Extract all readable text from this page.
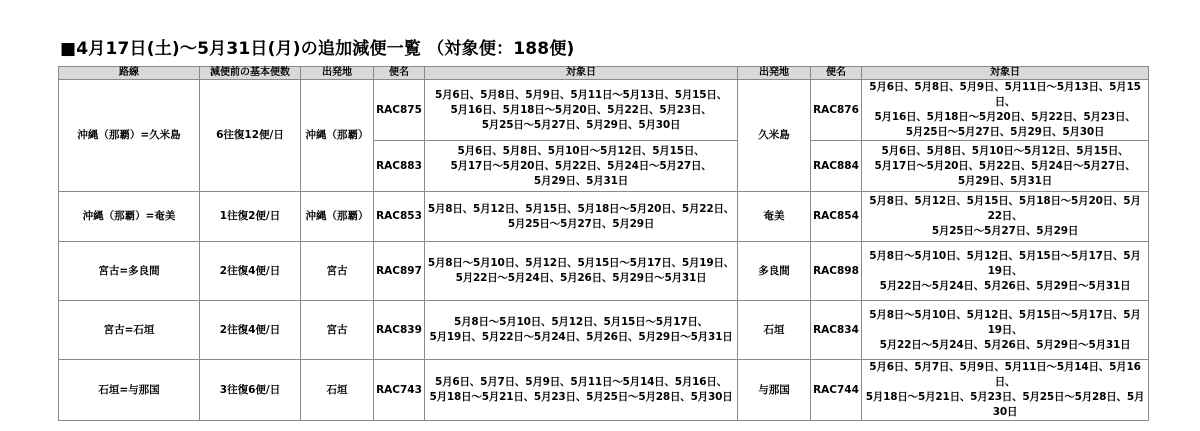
■4月17日(土)～5月31日(月)の追加減便一覧 （対象便：188便)
路線	減便前の基本便数	出発地	便名	対象日	出発地	便名	対象日
沖縄（那覇）=久米島	6往復12便/日	沖縄（那覇）	RAC875	5月6日、5月8日、5月9日、5月11日～5月13日、5月15日、
5月16日、5月18日～5月20日、5月22日、5月23日、
5月25日～5月27日、5月29日、5月30日	久米島	RAC876	5月6日、5月8日、5月9日、5月11日～5月13日、5月15日、
5月16日、5月18日～5月20日、5月22日、5月23日、
5月25日～5月27日、5月29日、5月30日
			RAC883	5月6日、5月8日、5月10日～5月12日、5月15日、
5月17日～5月20日、5月22日、5月24日～5月27日、
5月29日、5月31日		RAC884	5月6日、5月8日、5月10日～5月12日、5月15日、
5月17日～5月20日、5月22日、5月24日～5月27日、
5月29日、5月31日
沖縄（那覇）=奄美	1往復2便/日	沖縄（那覇）	RAC853	5月8日、5月12日、5月15日、5月18日～5月20日、5月22日、
5月25日～5月27日、5月29日	奄美	RAC854	5月8日、5月12日、5月15日、5月18日～5月20日、5月22日、
5月25日～5月27日、5月29日
宮古=多良間	2往復4便/日	宮古	RAC897	5月8日～5月10日、5月12日、5月15日～5月17日、5月19日、
5月22日～5月24日、5月26日、5月29日～5月31日	多良間	RAC898	5月8日～5月10日、5月12日、5月15日～5月17日、5月19日、
5月22日～5月24日、5月26日、5月29日～5月31日
宮古=石垣	2往復4便/日	宮古	RAC839	5月8日～5月10日、5月12日、5月15日～5月17日、
5月19日、5月22日～5月24日、5月26日、5月29日～5月31日	石垣	RAC834	5月8日～5月10日、5月12日、5月15日～5月17日、5月19日、
5月22日～5月24日、5月26日、5月29日～5月31日
石垣=与那国	3往復6便/日	石垣	RAC743	5月6日、5月7日、5月9日、5月11日～5月14日、5月16日、
5月18日～5月21日、5月23日、5月25日～5月28日、5月30日	与那国	RAC744	5月6日、5月7日、5月9日、5月11日～5月14日、5月16日、
5月18日～5月21日、5月23日、5月25日～5月28日、5月30日
